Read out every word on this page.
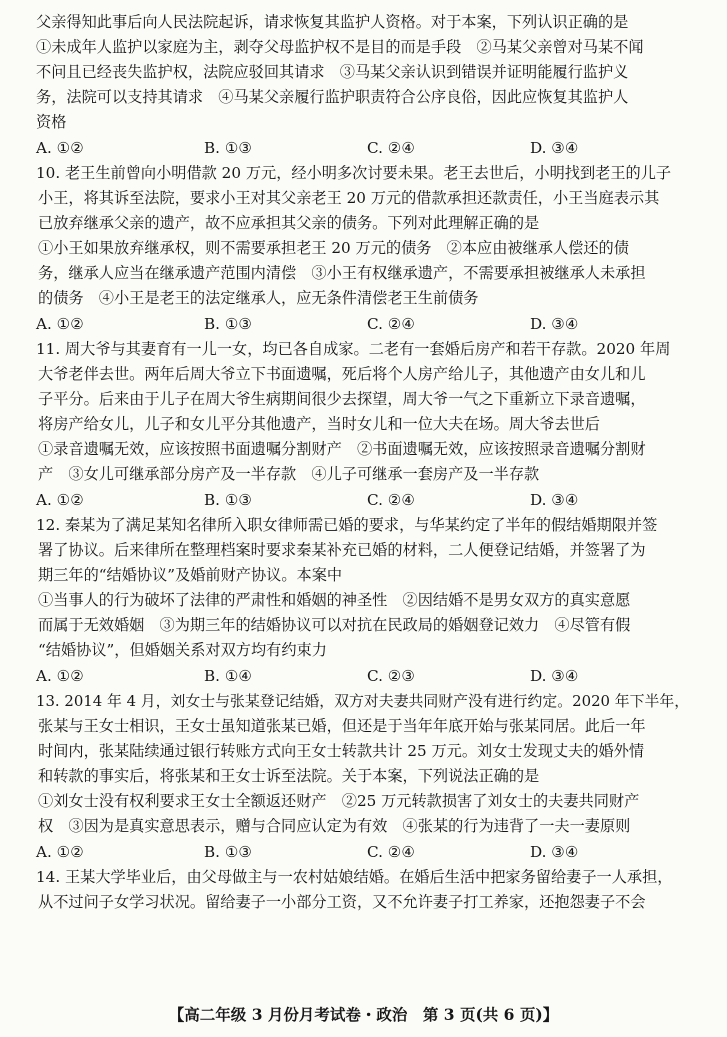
父亲得知此事后向人民法院起诉，请求恢复其监护人资格。对于本案，下列认识正确的是
①未成年人监护以家庭为主，剥夺父母监护权不是目的而是手段　②马某父亲曾对马某不闻
不问且已经丧失监护权，法院应驳回其请求　③马某父亲认识到错误并证明能履行监护义
务，法院可以支持其请求　④马某父亲履行监护职责符合公序良俗，因此应恢复其监护人
资格
A. ①②	B. ①③	C. ②④	D. ③④
10. 老王生前曾向小明借款 20 万元，经小明多次讨要未果。老王去世后，小明找到老王的儿子
小王，将其诉至法院，要求小王对其父亲老王 20 万元的借款承担还款责任，小王当庭表示其
已放弃继承父亲的遗产，故不应承担其父亲的债务。下列对此理解正确的是
①小王如果放弃继承权，则不需要承担老王 20 万元的债务　②本应由被继承人偿还的债
务，继承人应当在继承遗产范围内清偿　③小王有权继承遗产，不需要承担被继承人未承担
的债务　④小王是老王的法定继承人，应无条件清偿老王生前债务
A. ①②	B. ①③	C. ②④	D. ③④
11. 周大爷与其妻育有一儿一女，均已各自成家。二老有一套婚后房产和若干存款。2020 年周
大爷老伴去世。两年后周大爷立下书面遗嘱，死后将个人房产给儿子，其他遗产由女儿和儿
子平分。后来由于儿子在周大爷生病期间很少去探望，周大爷一气之下重新立下录音遗嘱，
将房产给女儿，儿子和女儿平分其他遗产，当时女儿和一位大夫在场。周大爷去世后
①录音遗嘱无效，应该按照书面遗嘱分割财产　②书面遗嘱无效，应该按照录音遗嘱分割财
产　③女儿可继承部分房产及一半存款　④儿子可继承一套房产及一半存款
A. ①②	B. ①③	C. ②④	D. ③④
12. 秦某为了满足某知名律所入职女律师需已婚的要求，与华某约定了半年的假结婚期限并签
署了协议。后来律所在整理档案时要求秦某补充已婚的材料，二人便登记结婚，并签署了为
期三年的“结婚协议”及婚前财产协议。本案中
①当事人的行为破坏了法律的严肃性和婚姻的神圣性　②因结婚不是男女双方的真实意愿
而属于无效婚姻　③为期三年的结婚协议可以对抗在民政局的婚姻登记效力　④尽管有假
“结婚协议”，但婚姻关系对双方均有约束力
A. ①②	B. ①④	C. ②③	D. ③④
13. 2014 年 4 月，刘女士与张某登记结婚，双方对夫妻共同财产没有进行约定。2020 年下半年，
张某与王女士相识，王女士虽知道张某已婚，但还是于当年年底开始与张某同居。此后一年
时间内，张某陆续通过银行转账方式向王女士转款共计 25 万元。刘女士发现丈夫的婚外情
和转款的事实后，将张某和王女士诉至法院。关于本案，下列说法正确的是
①刘女士没有权利要求王女士全额返还财产　②25 万元转款损害了刘女士的夫妻共同财产
权　③因为是真实意思表示，赠与合同应认定为有效　④张某的行为违背了一夫一妻原则
A. ①②	B. ①③	C. ②④	D. ③④
14. 王某大学毕业后，由父母做主与一农村姑娘结婚。在婚后生活中把家务留给妻子一人承担，
从不过问子女学习状况。留给妻子一小部分工资，又不允许妻子打工养家，还抱怨妻子不会
【高二年级 3 月份月考试卷・政治　第 3 页(共 6 页)】
